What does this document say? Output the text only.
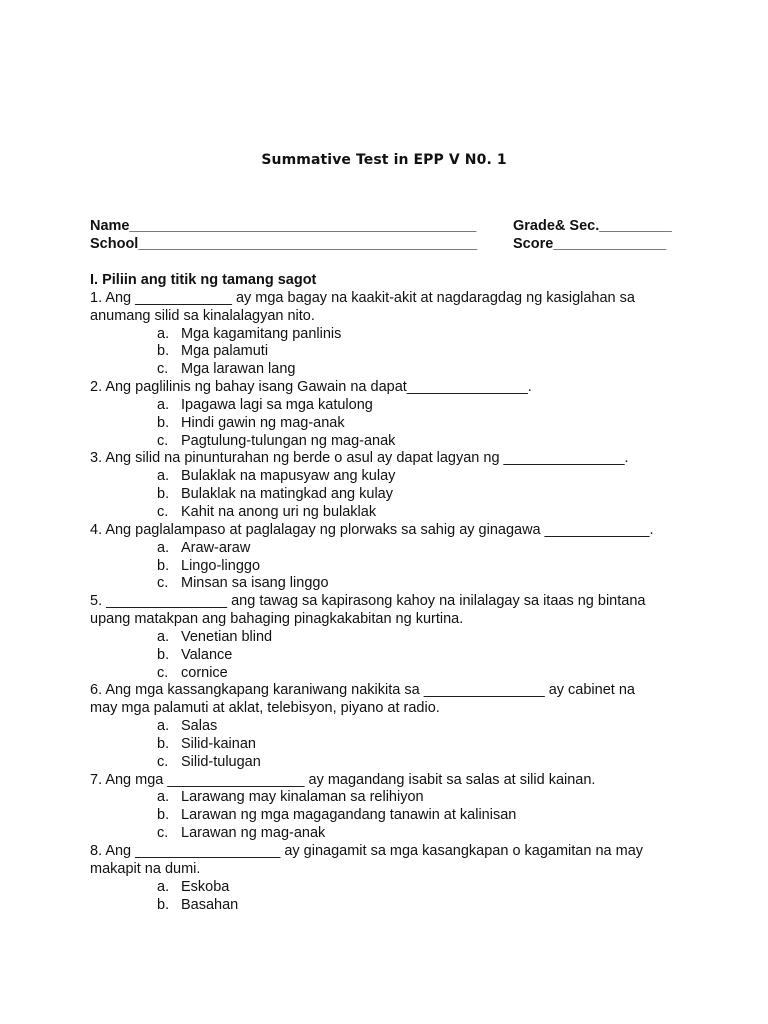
Summative Test in EPP V N0. 1
Name___________________________________________	Grade& Sec._________
School__________________________________________ Score______________
I. Piliin ang titik ng tamang sagot
1. Ang ____________ ay mga bagay na kaakit-akit at nagdaragdag ng kasiglahan sa
anumang silid sa kinalalagyan nito.
a. Mga kagamitang panlinis
b. Mga palamuti
c. Mga larawan lang
2. Ang paglilinis ng bahay isang Gawain na dapat_______________.
a. Ipagawa lagi sa mga katulong
b. Hindi gawin ng mag-anak
c. Pagtulung-tulungan ng mag-anak
3. Ang silid na pinunturahan ng berde o asul ay dapat lagyan ng _______________.
a. Bulaklak na mapusyaw ang kulay
b. Bulaklak na matingkad ang kulay
c. Kahit na anong uri ng bulaklak
4. Ang paglalampaso at paglalagay ng plorwaks sa sahig ay ginagawa _____________.
a. Araw-araw
b. Lingo-linggo
c. Minsan sa isang linggo
5. _______________ ang tawag sa kapirasong kahoy na inilalagay sa itaas ng bintana
upang matakpan ang bahaging pinagkakabitan ng kurtina.
a. Venetian blind
b. Valance
c. cornice
6. Ang mga kassangkapang karaniwang nakikita sa _______________ ay cabinet na
may mga palamuti at aklat, telebisyon, piyano at radio.
a. Salas
b. Silid-kainan
c. Silid-tulugan
7. Ang mga _________________ ay magandang isabit sa salas at silid kainan.
a. Larawang may kinalaman sa relihiyon
b. Larawan ng mga magagandang tanawin at kalinisan
c. Larawan ng mag-anak
8. Ang __________________ ay ginagamit sa mga kasangkapan o kagamitan na may
makapit na dumi.
a. Eskoba
b. Basahan
